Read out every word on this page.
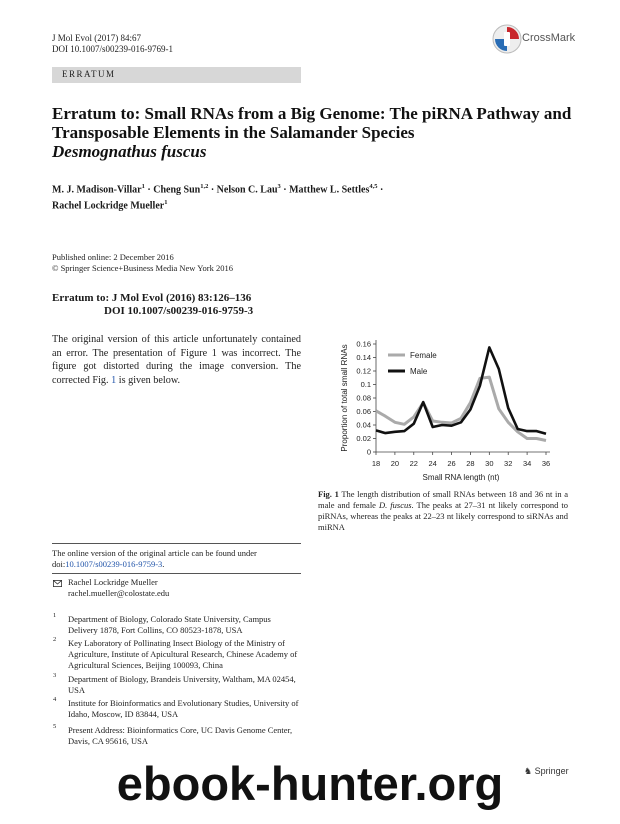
J Mol Evol (2017) 84:67
DOI 10.1007/s00239-016-9769-1
CrossMark
ERRATUM
Erratum to: Small RNAs from a Big Genome: The piRNA Pathway and Transposable Elements in the Salamander Species
Desmognathus fuscus
M. J. Madison-Villar$^1$ · Cheng Sun$^{1,2}$ · Nelson C. Lau$^3$ · Matthew L. Settles$^{4,5}$ ·
Rachel Lockridge Mueller$^1$
Published online: 2 December 2016
© Springer Science+Business Media New York 2016
Erratum to: J Mol Evol (2016) 83:126–136
DOI 10.1007/s00239-016-9759-3
The original version of this article unfortunately contained an error. The presentation of Figure 1 was incorrect. The figure got distorted during the image conversion. The corrected Fig. 1 is given below.
0
0.02
0.04
0.06
0.08
0.1
0.12
0.14
0.16
18 20 22 24 26 28 30 32 34 36
Small RNA length (nt)
Proportion of total small RNAs	Female
Male
Fig. 1 The length distribution of small RNAs between 18 and 36 nt in a male and female D. fuscus. The peaks at 27–31 nt likely correspond to piRNAs, whereas the peaks at 22–23 nt likely correspond to siRNAs and miRNA
The online version of the original article can be found under doi:10.1007/s00239-016-9759-3.
Rachel Lockridge Mueller
rachel.mueller@colostate.edu
1 Department of Biology, Colorado State University, Campus Delivery 1878, Fort Collins, CO 80523-1878, USA
2 Key Laboratory of Pollinating Insect Biology of the Ministry of Agriculture, Institute of Apicultural Research, Chinese Academy of Agricultural Sciences, Beijing 100093, China
3 Department of Biology, Brandeis University, Waltham, MA 02454, USA
4 Institute for Bioinformatics and Evolutionary Studies, University of Idaho, Moscow, ID 83844, USA
5 Present Address: Bioinformatics Core, UC Davis Genome Center, Davis, CA 95616, USA
♞ Springer
ebook-hunter.org
